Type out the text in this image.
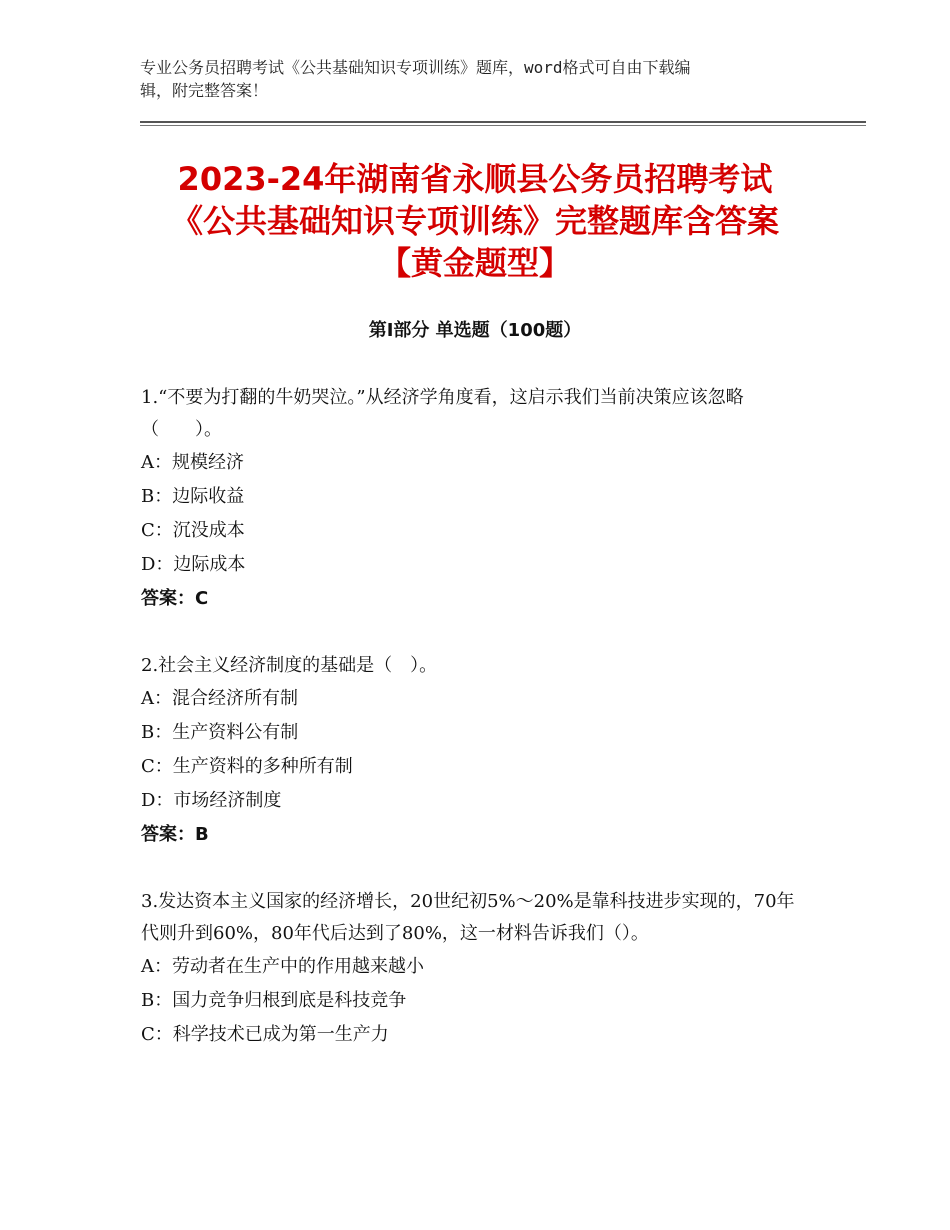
专业公务员招聘考试《公共基础知识专项训练》题库，word格式可自由下载编
辑，附完整答案！
2023-24年湖南省永顺县公务员招聘考试
《公共基础知识专项训练》完整题库含答案
【黄金题型】
第Ⅰ部分 单选题（100题）
1.“不要为打翻的牛奶哭泣。”从经济学角度看，这启示我们当前决策应该忽略（　　）。
A：规模经济
B：边际收益
C：沉没成本
D：边际成本
答案：C
2.社会主义经济制度的基础是（　）。
A：混合经济所有制
B：生产资料公有制
C：生产资料的多种所有制
D：市场经济制度
答案：B
3.发达资本主义国家的经济增长，20世纪初5%～20%是靠科技进步实现的，70年代则升到60%，80年代后达到了80%，这一材料告诉我们（）。
A：劳动者在生产中的作用越来越小
B：国力竞争归根到底是科技竞争
C：科学技术已成为第一生产力
